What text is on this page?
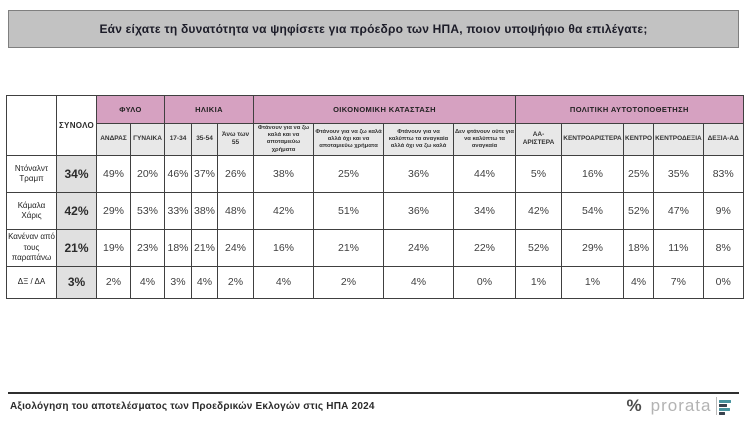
Εάν είχατε τη δυνατότητα να ψηφίσετε για πρόεδρο των ΗΠΑ, ποιον υποψήφιο θα επιλέγατε;
	ΣΥΝΟΛΟ	ΦΥΛΟ		ΗΛΙΚΙΑ			ΟΙΚΟΝΟΜΙΚΗ ΚΑΤΑΣΤΑΣΗ				ΠΟΛΙΤΙΚΗ ΑΥΤΟΤΟΠΟΘΕΤΗΣΗ				
		ΑΝΔΡΑΣ	ΓΥΝΑΙΚΑ	17-34	35-54	Άνω των 55	Φτάνουν για να ζω καλά και να αποταμιεύω χρήματα	Φτάνουν για να ζω καλά αλλά όχι και να αποταμιεύω χρήματα	Φτάνουν για να καλύπτω τα αναγκαία αλλά όχι να ζω καλά	Δεν φτάνουν ούτε για να καλύπτω τα αναγκαία	ΑΑ-ΑΡΙΣΤΕΡΑ	ΚΕΝΤΡΟΑΡΙΣΤΕΡΑ	ΚΕΝΤΡΟ	ΚΕΝΤΡΟΔΕΞΙΑ	ΔΕΞΙΑ-ΑΔ
Ντόναλντ Τραμπ	34%	49%	20%	46%	37%	26%	38%	25%	36%	44%	5%	16%	25%	35%	83%
Κάμαλα Χάρις	42%	29%	53%	33%	38%	48%	42%	51%	36%	34%	42%	54%	52%	47%	9%
Κανέναν από τους παραπάνω	21%	19%	23%	18%	21%	24%	16%	21%	24%	22%	52%	29%	18%	11%	8%
ΔΞ / ΔΑ	3%	2%	4%	3%	4%	2%	4%	2%	4%	0%	1%	1%	4%	7%	0%
Αξιολόγηση του αποτελέσματος των Προεδρικών Εκλογών στις ΗΠΑ 2024	% prorata
